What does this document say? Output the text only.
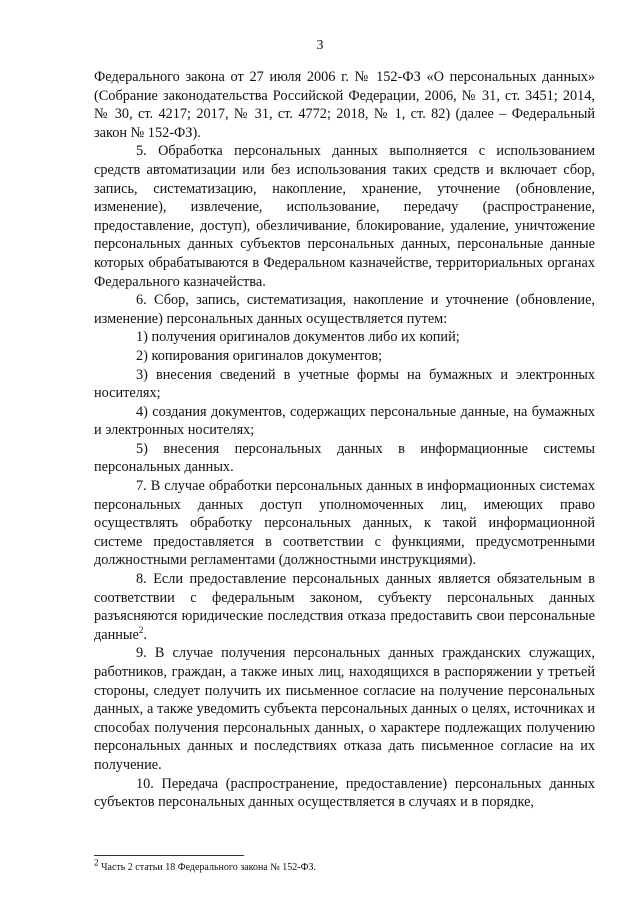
3

Федерального закона от 27 июля 2006 г. № 152-ФЗ «О персональных данных» (Собрание законодательства Российской Федерации, 2006, № 31, ст. 3451; 2014, № 30, ст. 4217; 2017, № 31, ст. 4772; 2018, № 1, ст. 82) (далее – Федеральный закон № 152-ФЗ).

5. Обработка персональных данных выполняется с использованием средств автоматизации или без использования таких средств и включает сбор, запись, систематизацию, накопление, хранение, уточнение (обновление, изменение), извлечение, использование, передачу (распространение, предоставление, доступ), обезличивание, блокирование, удаление, уничтожение персональных данных субъектов персональных данных, персональные данные которых обрабатываются в Федеральном казначействе, территориальных органах Федерального казначейства.

6. Сбор, запись, систематизация, накопление и уточнение (обновление, изменение) персональных данных осуществляется путем:

1) получения оригиналов документов либо их копий;

2) копирования оригиналов документов;

3) внесения сведений в учетные формы на бумажных и электронных носителях;

4) создания документов, содержащих персональные данные, на бумажных и электронных носителях;

5) внесения персональных данных в информационные системы персональных данных.

7. В случае обработки персональных данных в информационных системах персональных данных доступ уполномоченных лиц, имеющих право осуществлять обработку персональных данных, к такой информационной системе предоставляется в соответствии с функциями, предусмотренными должностными регламентами (должностными инструкциями).

8. Если предоставление персональных данных является обязательным в соответствии с федеральным законом, субъекту персональных данных разъясняются юридические последствия отказа предоставить свои персональные данные$^2$.

9. В случае получения персональных данных гражданских служащих, работников, граждан, а также иных лиц, находящихся в распоряжении у третьей стороны, следует получить их письменное согласие на получение персональных данных, а также уведомить субъекта персональных данных о целях, источниках и способах получения персональных данных, о характере подлежащих получению персональных данных и последствиях отказа дать письменное согласие на их получение.

10. Передача (распространение, предоставление) персональных данных субъектов персональных данных осуществляется в случаях и в порядке,

$^2$ Часть 2 статьи 18 Федерального закона № 152-ФЗ.
